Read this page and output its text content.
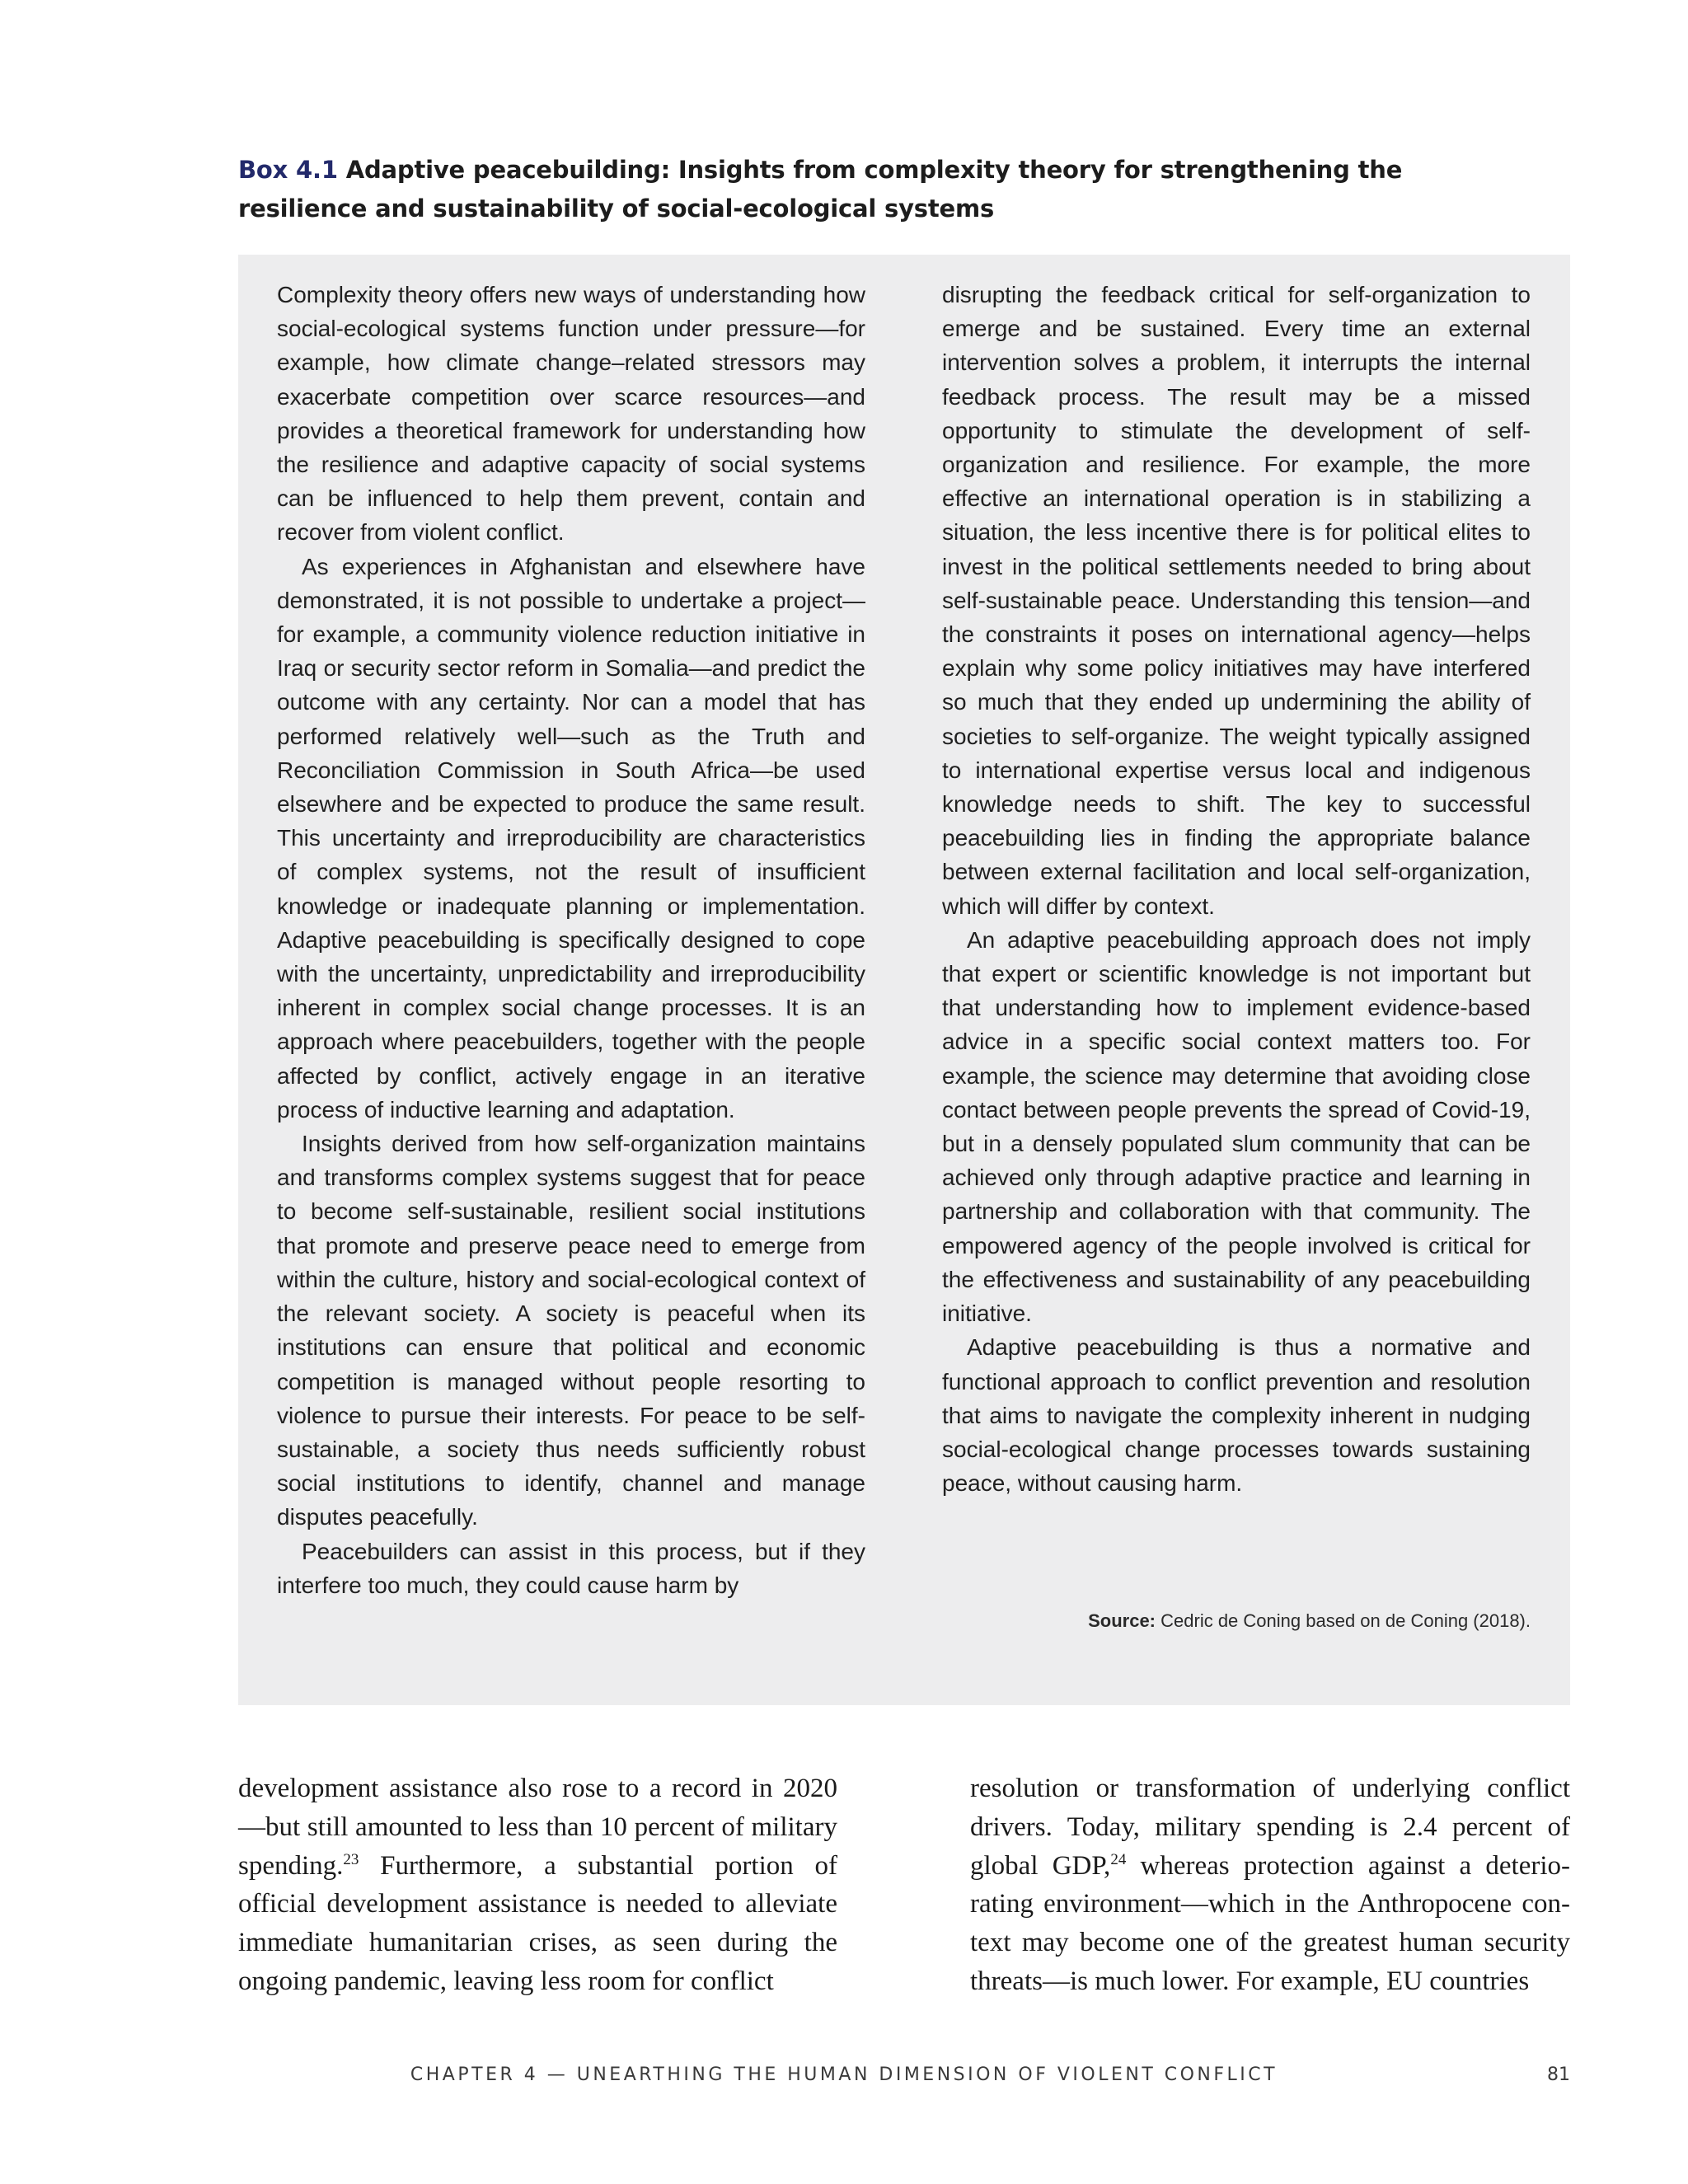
Box 4.1 Adaptive peacebuilding: Insights from complexity theory for strengthening the resilience and sustainability of social-ecological systems

Complexity theory offers new ways of understanding how social-ecological systems function under pressure—for example, how climate change–related stressors may exacerbate competition over scarce resources—and provides a theoretical framework for understanding how the resilience and adaptive capacity of social systems can be influenced to help them prevent, contain and recover from violent conflict.

As experiences in Afghanistan and elsewhere have demonstrated, it is not possible to undertake a project—for example, a community violence reduction initiative in Iraq or security sector reform in Somalia—and predict the outcome with any certainty. Nor can a model that has performed relatively well—such as the Truth and Reconciliation Commission in South Africa—be used elsewhere and be expected to produce the same result. This uncertainty and irreproducibility are characteristics of complex systems, not the result of insufficient knowledge or inadequate planning or implementation. Adaptive peacebuilding is specifically designed to cope with the uncertainty, unpredictability and irreproducibility inherent in complex social change processes. It is an approach where peacebuilders, together with the people affected by conflict, actively engage in an iterative process of inductive learning and adaptation.

Insights derived from how self-organization maintains and transforms complex systems suggest that for peace to become self-sustainable, resilient social institutions that promote and preserve peace need to emerge from within the culture, history and social-ecological context of the relevant society. A society is peaceful when its institutions can ensure that political and economic competition is managed without people resorting to violence to pursue their interests. For peace to be self-sustainable, a society thus needs sufficiently robust social institutions to identify, channel and manage disputes peacefully.

Peacebuilders can assist in this process, but if they interfere too much, they could cause harm by

disrupting the feedback critical for self-organization to emerge and be sustained. Every time an external intervention solves a problem, it interrupts the internal feedback process. The result may be a missed opportunity to stimulate the development of self-organization and resilience. For example, the more effective an international operation is in stabilizing a situation, the less incentive there is for political elites to invest in the political settlements needed to bring about self-sustainable peace. Understanding this tension—and the constraints it poses on international agency—helps explain why some policy initiatives may have interfered so much that they ended up undermining the ability of societies to self-organize. The weight typically assigned to international expertise versus local and indigenous knowledge needs to shift. The key to successful peacebuilding lies in finding the appropriate balance between external facilitation and local self-organization, which will differ by context.

An adaptive peacebuilding approach does not imply that expert or scientific knowledge is not important but that understanding how to implement evidence-based advice in a specific social context matters too. For example, the science may determine that avoiding close contact between people prevents the spread of Covid-19, but in a densely populated slum community that can be achieved only through adaptive practice and learning in partnership and collaboration with that community. The empowered agency of the people involved is critical for the effectiveness and sustainability of any peacebuilding initiative.

Adaptive peacebuilding is thus a normative and functional approach to conflict prevention and resolution that aims to navigate the complexity inherent in nudging social-ecological change processes towards sustaining peace, without causing harm.

Source: Cedric de Coning based on de Coning (2018).
development assistance also rose to a record in 2020 —but still amounted to less than 10 percent of military spending.$^{23}$ Furthermore, a substantial portion of official development assistance is needed to alleviate immediate humanitarian crises, as seen during the ongoing pandemic, leaving less room for conflict
resolution or transformation of underlying conflict drivers. Today, military spending is 2.4 percent of global GDP,$^{24}$ whereas protection against a deteriorating environment—which in the Anthropocene context may become one of the greatest human security threats—is much lower. For example, EU countries
CHAPTER 4 — UNEARTHING THE HUMAN DIMENSION OF VIOLENT CONFLICT	81
